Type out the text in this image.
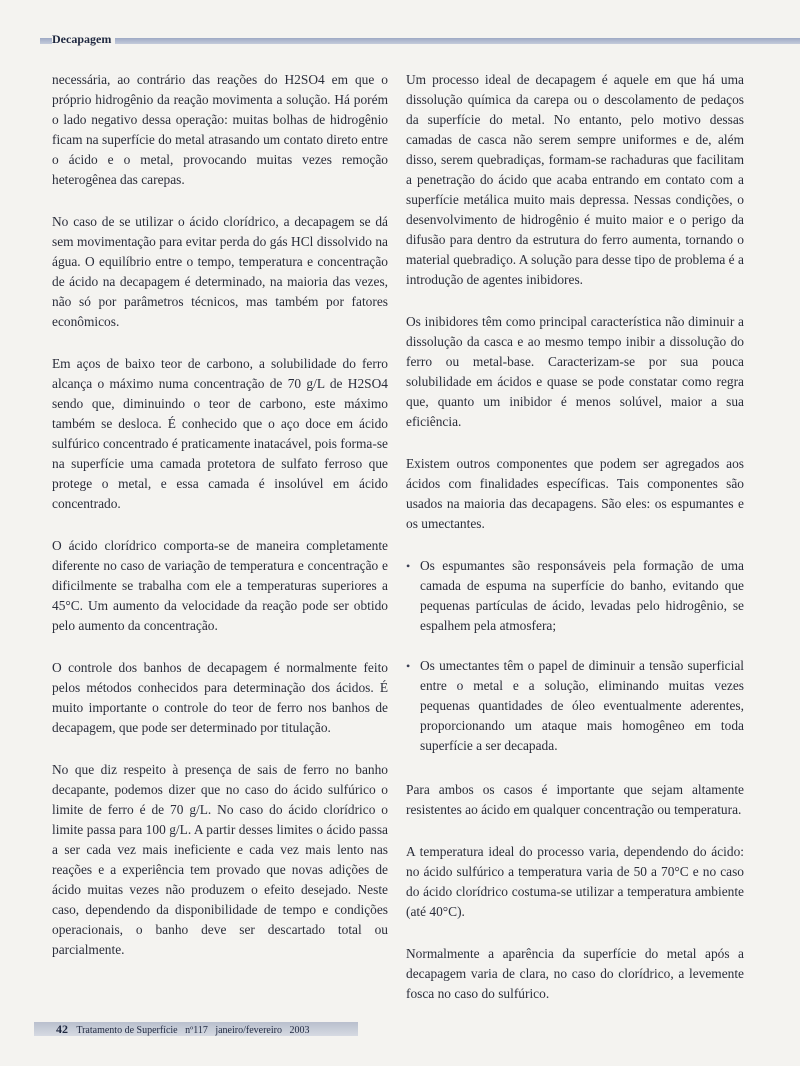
Decapagem

necessária, ao contrário das reações do H2SO4 em que o próprio hidrogênio da reação movimenta a solução. Há porém o lado negativo dessa operação: muitas bolhas de hidrogênio ficam na superfície do metal atrasando um contato direto entre o ácido e o metal, provocando muitas vezes remoção heterogênea das carepas.

No caso de se utilizar o ácido clorídrico, a decapagem se dá sem movimentação para evitar perda do gás HCl dissolvido na água. O equilíbrio entre o tempo, temperatura e concentração de ácido na decapagem é determinado, na maioria das vezes, não só por parâmetros técnicos, mas também por fatores econômicos.

Em aços de baixo teor de carbono, a solubilidade do ferro alcança o máximo numa concentração de 70 g/L de H2SO4 sendo que, diminuindo o teor de carbono, este máximo também se desloca. É conhecido que o aço doce em ácido sulfúrico concentrado é praticamente inatacável, pois forma-se na superfície uma camada protetora de sulfato ferroso que protege o metal, e essa camada é insolúvel em ácido concentrado.

O ácido clorídrico comporta-se de maneira completamente diferente no caso de variação de temperatura e concentração e dificilmente se trabalha com ele a temperaturas superiores a 45°C. Um aumento da velocidade da reação pode ser obtido pelo aumento da concentração.

O controle dos banhos de decapagem é normalmente feito pelos métodos conhecidos para determinação dos ácidos. É muito importante o controle do teor de ferro nos banhos de decapagem, que pode ser determinado por titulação.

No que diz respeito à presença de sais de ferro no banho decapante, podemos dizer que no caso do ácido sulfúrico o limite de ferro é de 70 g/L. No caso do ácido clorídrico o limite passa para 100 g/L. A partir desses limites o ácido passa a ser cada vez mais ineficiente e cada vez mais lento nas reações e a experiência tem provado que novas adições de ácido muitas vezes não produzem o efeito desejado. Neste caso, dependendo da disponibilidade de tempo e condições operacionais, o banho deve ser descartado total ou parcialmente.

Um processo ideal de decapagem é aquele em que há uma dissolução química da carepa ou o descolamento de pedaços da superfície do metal. No entanto, pelo motivo dessas camadas de casca não serem sempre uniformes e de, além disso, serem quebradiças, formam-se rachaduras que facilitam a penetração do ácido que acaba entrando em contato com a superfície metálica muito mais depressa. Nessas condições, o desenvolvimento de hidrogênio é muito maior e o perigo da difusão para dentro da estrutura do ferro aumenta, tornando o material quebradiço. A solução para desse tipo de problema é a introdução de agentes inibidores.

Os inibidores têm como principal característica não diminuir a dissolução da casca e ao mesmo tempo inibir a dissolução do ferro ou metal-base. Caracterizam-se por sua pouca solubilidade em ácidos e quase se pode constatar como regra que, quanto um inibidor é menos solúvel, maior a sua eficiência.

Existem outros componentes que podem ser agregados aos ácidos com finalidades específicas. Tais componentes são usados na maioria das decapagens. São eles: os espumantes e os umectantes.

• Os espumantes são responsáveis pela formação de uma camada de espuma na superfície do banho, evitando que pequenas partículas de ácido, levadas pelo hidrogênio, se espalhem pela atmosfera;
• Os umectantes têm o papel de diminuir a tensão superficial entre o metal e a solução, eliminando muitas vezes pequenas quantidades de óleo eventualmente aderentes, proporcionando um ataque mais homogêneo em toda superfície a ser decapada.

Para ambos os casos é importante que sejam altamente resistentes ao ácido em qualquer concentração ou temperatura.

A temperatura ideal do processo varia, dependendo do ácido: no ácido sulfúrico a temperatura varia de 50 a 70°C e no caso do ácido clorídrico costuma-se utilizar a temperatura ambiente (até 40°C).

Normalmente a aparência da superfície do metal após a decapagem varia de clara, no caso do clorídrico, a levemente fosca no caso do sulfúrico.

42 Tratamento de Superfície nº117 janeiro/fevereiro 2003
